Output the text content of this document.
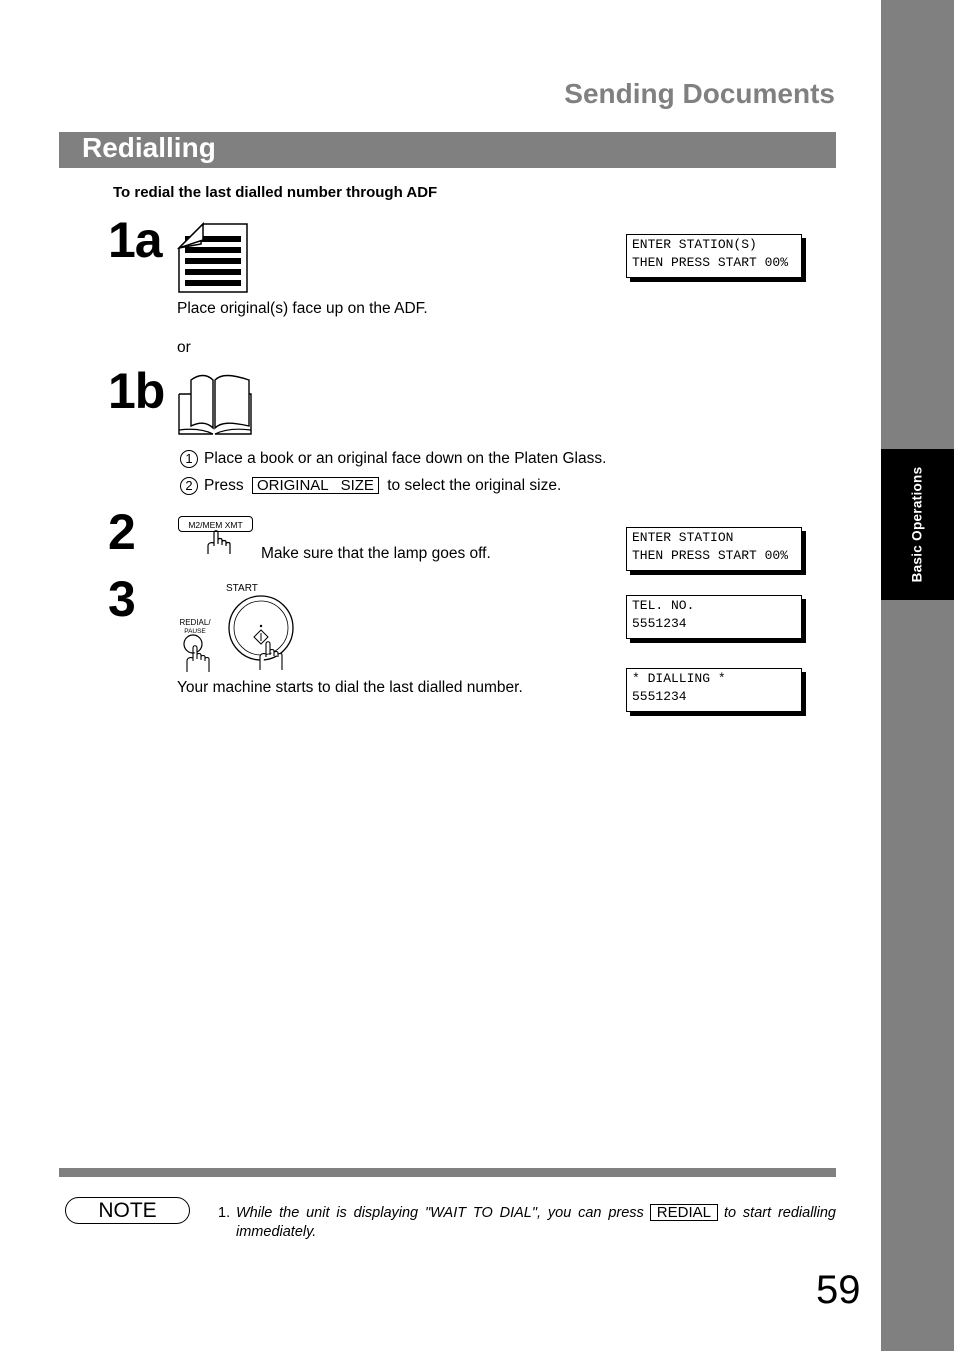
Basic Operations
Sending Documents
Redialling
To redial the last dialled number through ADF
1a
Place original(s) face up on the ADF.
or
ENTER STATION(S)
THEN PRESS START 00%
1b
1 Place a book or an original face down on the Platen Glass.
2 Press ORIGINAL   SIZE to select the original size.
2	M2/MEM XMT
Make sure that the lamp goes off.
ENTER STATION
THEN PRESS START 00%
3	START
REDIAL/
PAUSE
Your machine starts to dial the last dialled number.
TEL. NO.
5551234
* DIALLING *
5551234
NOTE	1. While the unit is displaying "WAIT TO DIAL", you can press REDIAL to start redialling
immediately.
59
